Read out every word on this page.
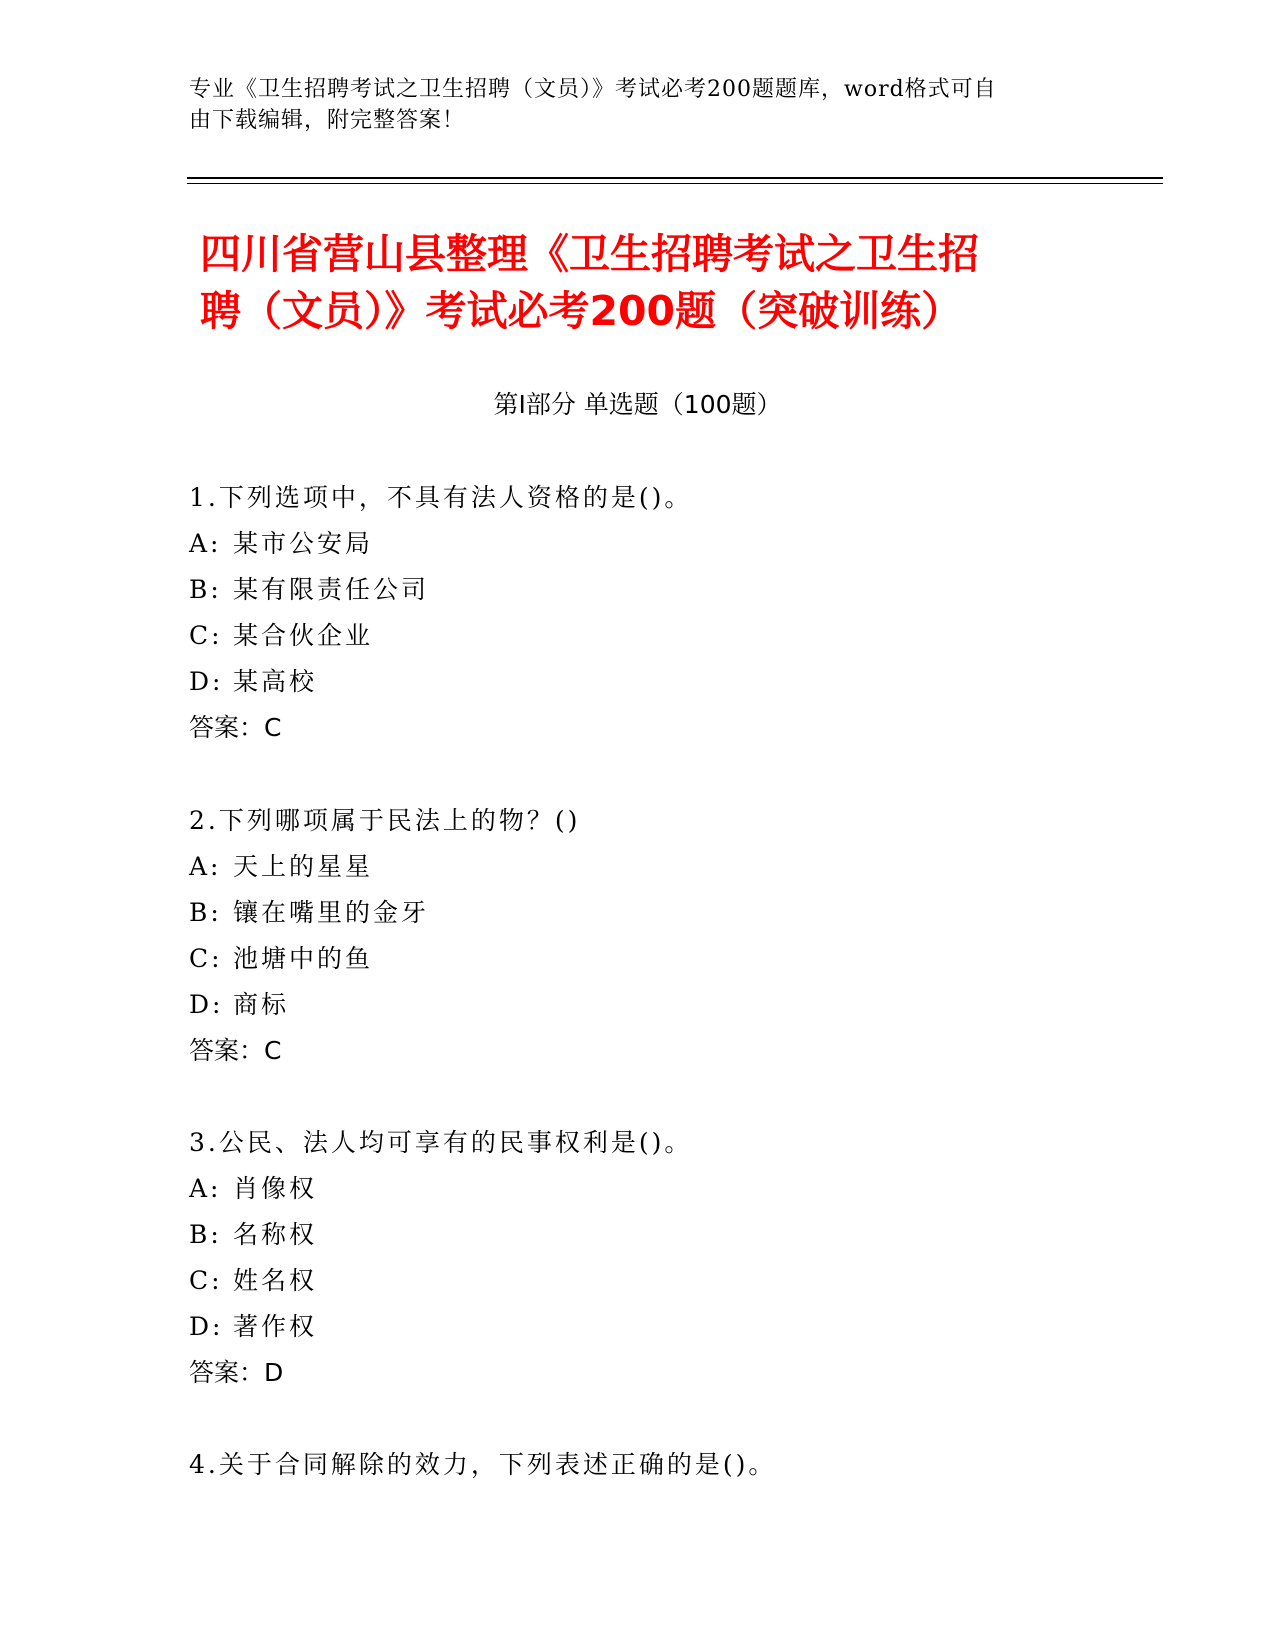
专业《卫生招聘考试之卫生招聘（文员）》考试必考200题题库，word格式可自
由下载编辑，附完整答案！
四川省营山县整理《卫生招聘考试之卫生招
聘（文员）》考试必考200题（突破训练）
第Ⅰ部分 单选题（100题）
1.下列选项中，不具有法人资格的是()。
A: 某市公安局
B: 某有限责任公司
C: 某合伙企业
D: 某高校
答案：C
2.下列哪项属于民法上的物？()
A: 天上的星星
B: 镶在嘴里的金牙
C: 池塘中的鱼
D: 商标
答案：C
3.公民、法人均可享有的民事权利是()。
A: 肖像权
B: 名称权
C: 姓名权
D: 著作权
答案：D
4.关于合同解除的效力，下列表述正确的是()。
